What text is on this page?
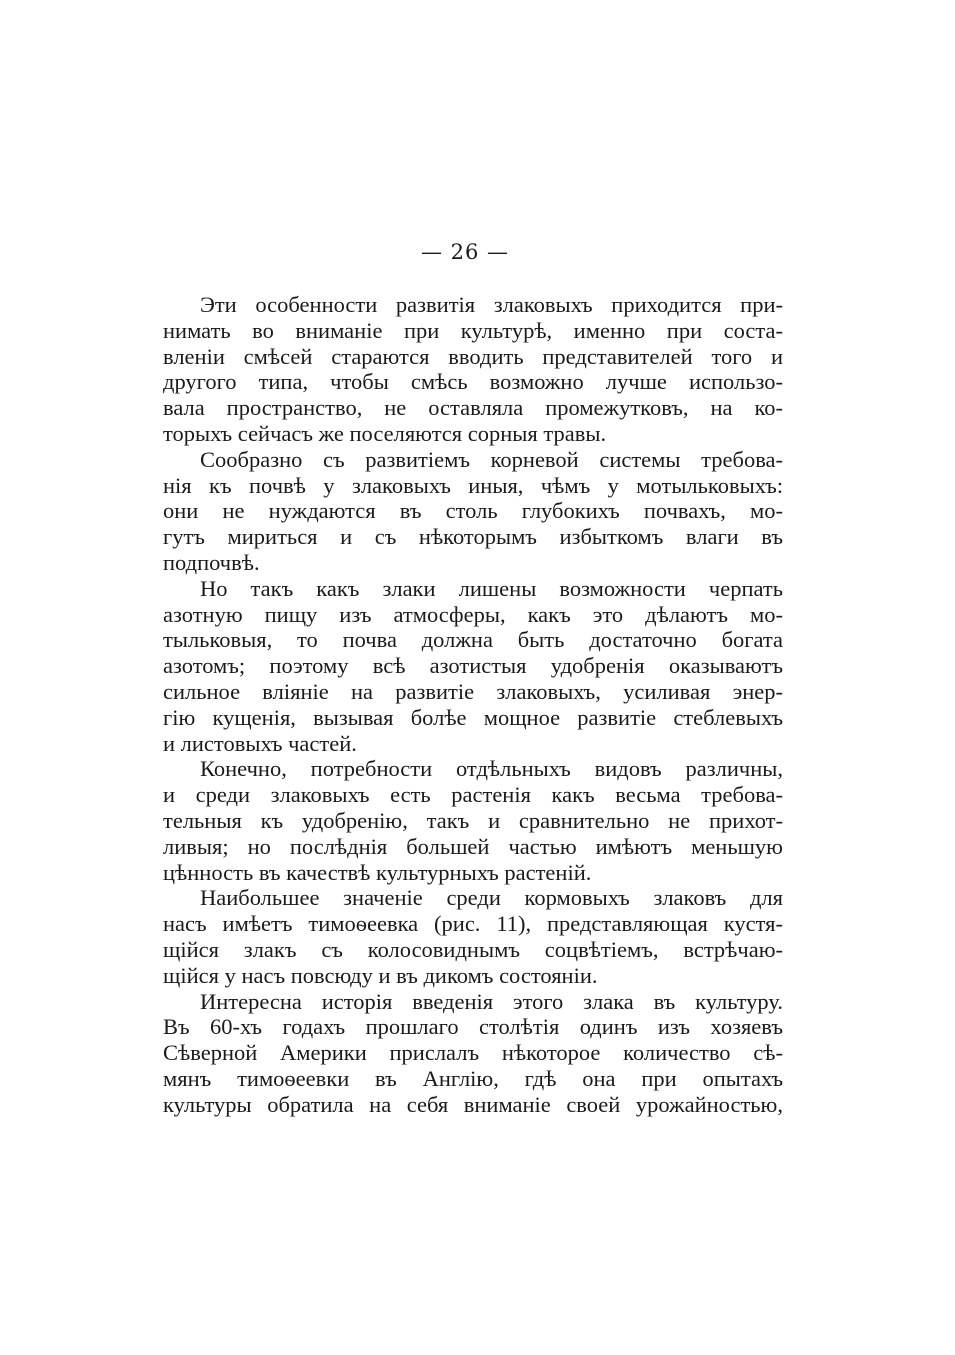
— 26 —
Эти особенности развитія злаковыхъ приходится при-
нимать во вниманіе при культурѣ, именно при соста-
вленіи смѣсей стараются вводить представителей того и
другого типа, чтобы смѣсь возможно лучше использо-
вала пространство, не оставляла промежутковъ, на ко-
торыхъ сейчасъ же поселяются сорныя травы.
Сообразно съ развитіемъ корневой системы требова-
нія къ почвѣ у злаковыхъ иныя, чѣмъ у мотыльковыхъ:
они не нуждаются въ столь глубокихъ почвахъ, мо-
гутъ мириться и съ нѣкоторымъ избыткомъ влаги въ
подпочвѣ.
Но такъ какъ злаки лишены возможности черпать
азотную пищу изъ атмосферы, какъ это дѣлаютъ мо-
тыльковыя, то почва должна быть достаточно богата
азотомъ; поэтому всѣ азотистыя удобренія оказываютъ
сильное вліяніе на развитіе злаковыхъ, усиливая энер-
гію кущенія, вызывая болѣе мощное развитіе стеблевыхъ
и листовыхъ частей.
Конечно, потребности отдѣльныхъ видовъ различны,
и среди злаковыхъ есть растенія какъ весьма требова-
тельныя къ удобренію, такъ и сравнительно не прихот-
ливыя; но послѣднія большей частью имѣютъ меньшую
цѣнность въ качествѣ культурныхъ растеній.
Наибольшее значеніе среди кормовыхъ злаковъ для
насъ имѣетъ тимоѳеевка (рис. 11), представляющая кустя-
щійся злакъ съ колосовиднымъ соцвѣтіемъ, встрѣчаю-
щійся у насъ повсюду и въ дикомъ состояніи.
Интересна исторія введенія этого злака въ культуру.
Въ 60-хъ годахъ прошлаго столѣтія одинъ изъ хозяевъ
Сѣверной Америки прислалъ нѣкоторое количество сѣ-
мянъ тимоѳеевки въ Англію, гдѣ она при опытахъ
культуры обратила на себя вниманіе своей урожайностью,
